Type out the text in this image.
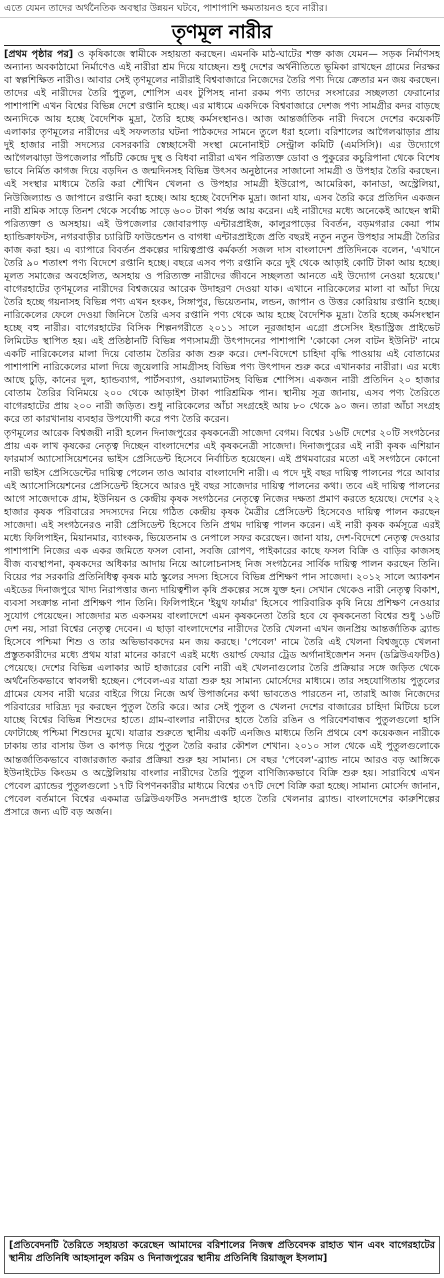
এতে যেমন তাদের অর্থনৈতিক অবস্থার উন্নয়ন ঘটবে, পাশাপাশি ক্ষমতায়নও হবে নারীর।
তৃণমূল নারীর

[প্রথম পৃষ্ঠার পর] ও কৃষিকাজে স্বামীকে সহায়তা করছেন। এমনকি মাঠ-ঘাটের শক্ত কাজ যেমন— সড়ক নির্মাণসহ অন্যান্য অবকাঠামো নির্মাণেও এই নারীরা শ্রম দিয়ে যাচ্ছেন। শুধু দেশের অর্থনীতিতে ভূমিকা রাখছেন গ্রামের নিরক্ষর বা স্বল্পশিক্ষিত নারীও। আবার সেই তৃণমূলের নারীরাই বিশ্ববাজারে নিজেদের তৈরি পণ্য দিয়ে ক্রেতার মন জয় করছেন। তাদের এই নারীদের তৈরি পুতুল, শোপিস এবং টুপিসহ নানা রকম পণ্য তাদের সংসারের সচ্ছলতা ফেরানোর পাশাপাশি এখন বিশ্বের বিভিন্ন দেশে রপ্তানি হচ্ছে। এর মাধ্যমে একদিকে বিশ্ববাজারে দেশজ পণ্য সামগ্রীর কদর বাড়ছে অন্যদিকে আয় হচ্ছে বৈদেশিক মুদ্রা, তৈরি হচ্ছে কর্মসংস্থানও। আজ আন্তর্জাতিক নারী দিবসে দেশের কয়েকটি এলাকার তৃণমূলের নারীদের এই সফলতার ঘটনা পাঠকদের সামনে তুলে ধরা হলো। বরিশালের আগৈলঝাড়ার প্রায় দুই হাজার নারী সদস্যের বেসরকারি স্বেচ্ছাসেবী সংস্থা মেনোনাইট সেন্ট্রাল কমিটি (এমসিসি)। এর উদ্যোগে আগৈলঝাড়া উপজেলার পাঁচটি কেন্দ্রে দুস্থ ও বিধবা নারীরা এখন পরিত্যক্ত ডোবা ও পুকুরের কচুরিপানা থেকে বিশেষ ভাবে নির্মিত কাগজ দিয়ে বড়দিন ও জন্মদিনসহ বিভিন্ন উৎসব অনুষ্ঠানের সাজানো সামগ্রী ও উপহার তৈরি করছেন। এই সংস্থার মাধ্যমে তৈরি করা শৌখিন খেলনা ও উপহার সামগ্রী ইউরোপ, আমেরিকা, কানাডা, অস্ট্রেলিয়া, নিউজিল্যান্ড ও জাপানে রপ্তানি করা হচ্ছে। আয় হচ্ছে বৈদেশিক মুদ্রা। জানা যায়, এসব তৈরি করে প্রতিদিন একজন নারী শ্রমিক সাড়ে তিনশ থেকে সর্বোচ্চ সাড়ে ৬০০ টাকা পর্যন্ত আয় করেন। এই নারীদের মধ্যে অনেকেই আছেন স্বামী পরিত্যক্তা ও অসহায়। এই উপজেলার জোবারপাড় এন্টারপ্রাইজ, কালুরপাড়ের বিবর্তন, বড়মগরার কেয়া পাম হ্যান্ডিক্রাফটস, নগরবাড়ীর চ্যারিটি ফাউন্ডেশন ও বাগধা এন্টারপ্রাইজে প্রতি বছরই নতুন নতুন উপহার সামগ্রী তৈরির কাজ করা হয়। এ ব্যাপারে বিবর্তন প্রকল্পের দায়িত্বপ্রাপ্ত কর্মকর্তা সজল দাস বাংলাদেশ প্রতিদিনকে বলেন, 'এখানে তৈরি ৯০ শতাংশ পণ্য বিদেশে রপ্তানি হচ্ছে। বছরে এসব পণ্য রপ্তানি করে দুই থেকে আড়াই কোটি টাকা আয় হচ্ছে। মূলত সমাজের অবহেলিত, অসহায় ও পরিত্যক্ত নারীদের জীবনে সচ্ছলতা আনতে এই উদ্যোগ নেওয়া হয়েছে।' বাগেরহাটের তৃণমূলের নারীদের বিশ্বজয়ের আরেক উদাহরণ দেওয়া যাক। এখানে নারিকেলের মালা বা আঁচা দিয়ে তৈরি হচ্ছে গয়নাসহ বিভিন্ন পণ্য এখন হংকং, সিঙ্গাপুর, ভিয়েতনাম, লন্ডন, জাপান ও উত্তর কোরিয়ায় রপ্তানি হচ্ছে। নারিকেলের ফেলে দেওয়া জিনিসে তৈরি এসব রপ্তানি পণ্য থেকে আয় হচ্ছে বৈদেশিক মুদ্রা। তৈরি হচ্ছে কর্মসংস্থান হচ্ছে বহু নারীর। বাগেরহাটের বিসিক শিল্পনগরীতে ২০১১ সালে নূরজাহান এগ্রো প্রসেসিং ইন্ডাস্ট্রিজ প্রাইভেট লিমিটেড স্থাপিত হয়। এই প্রতিষ্ঠানটি বিভিন্ন পণ্যসামগ্রী উৎপাদনের পাশাপাশি 'কোকো সেল বাটন ইউনিট' নামে একটি নারিকেলের মালা দিয়ে বোতাম তৈরির কাজ শুরু করে। দেশ-বিদেশে চাহিদা বৃদ্ধি পাওয়ায় এই বোতামের পাশাপাশি নারিকেলের মালা দিয়ে জুয়েলারি সামগ্রীসহ বিভিন্ন পণ্য উৎপাদন শুরু করে এখানকার নারীরা। এর মধ্যে আছে চুড়ি, কানের দুল, হ্যান্ডব্যাগ, পার্টসব্যাগ, ওয়ালম্যাটসহ বিভিন্ন শোপিস। একজন নারী প্রতিদিন ২০ হাজার বোতাম তৈরির বিনিময়ে ২০০ থেকে আড়াইশ টাকা পারিশ্রমিক পান। স্থানীয় সূত্র জানায়, এসব পণ্য তৈরিতে বাগেরহাটের প্রায় ২০০ নারী জড়িত। শুধু নারিকেলের আঁচা সংগ্রহেই আয় ৮০ থেকে ৯০ জন। তারা আঁচা সংগ্রহ করে তা কারখানায় ব্যবহার উপযোগী করে পণ্য তৈরি করেন।

তৃণমূলের আরেক বিশ্বজয়ী নারী হলেন দিনাজপুরের কৃষকনেত্রী সাজেদা বেগম। বিশ্বের ১৬টি দেশের ২০টি সংগঠনের প্রায় এক লাখ কৃষকের নেতৃত্ব দিচ্ছেন বাংলাদেশের এই কৃষকনেত্রী সাজেদা। দিনাজপুরের এই নারী কৃষক এশিয়ান ফারমার্স অ্যাসোসিয়েশনের ভাইস প্রেসিডেন্ট হিসেবে নির্বাচিত হয়েছেন। এই প্রথমবারের মতো এই সংগঠনে কোনো নারী ভাইস প্রেসিডেন্টের দায়িত্ব পেলেন তাও আবার বাংলাদেশি নারী। এ পদে দুই বছর দায়িত্ব পালনের পরে আবার এই অ্যাসোসিয়েশনের প্রেসিডেন্ট হিসেবে আরও দুই বছর সাজেদার দায়িত্ব পালনের কথা। তবে এই দায়িত্ব পালনের আগে সাজেদাকে গ্রাম, ইউনিয়ন ও কেন্দ্রীয় কৃষক সংগঠনের নেতৃত্বে নিজের দক্ষতা প্রমাণ করতে হয়েছে। দেশের ২২ হাজার কৃষক পরিবারের সদস্যদের নিয়ে গঠিত কেন্দ্রীয় কৃষক মৈত্রীর প্রেসিডেন্ট হিসেবেও দায়িত্ব পালন করছেন সাজেদা। এই সংগঠনেরও নারী প্রেসিডেন্ট হিসেবে তিনি প্রথম দায়িত্ব পালন করেন। এই নারী কৃষক কর্মসূত্রে এরই মধ্যে ফিলিপাইন, মিয়ানমার, ব্যাংকক, ভিয়েতনাম ও নেপালে সফর করেছেন। জানা যায়, দেশ-বিদেশে নেতৃত্ব দেওয়ার পাশাপাশি নিজের এক একর জমিতে ফসল বোনা, সবজি রোপণ, পাইকারের কাছে ফসল বিক্রি ও বাড়ির কাজসহ বীজ ব্যবস্থাপনা, কৃষকদের অধিকার আদায় নিয়ে আলোচনাসহ নিজ সংগঠনের সার্বিক দায়িত্ব পালন করছেন তিনি। বিয়ের পর সরকারি প্রতিনিধিত্ব কৃষক মাঠ স্কুলের সদস্য হিসেবে বিভিন্ন প্রশিক্ষণ পান সাজেদা। ২০১২ সালে অ্যাকশন এইডের দিনাজপুরে খাদ্য নিরাপত্তার জন্য দায়িত্বশীল কৃষি প্রকল্পের সঙ্গে যুক্ত হন। সেখান থেকেও নারী নেতৃত্ব বিকাশ, ব্যবসা সংক্রান্ত নানা প্রশিক্ষণ পান তিনি। ফিলিপাইনে 'ইয়ুথ ফার্মার' হিসেবে পারিবারিক কৃষি নিয়ে প্রশিক্ষণ নেওয়ার সুযোগ পেয়েছেন। সাজেদার মত একসময় বাংলাদেশে এমন কৃষকনেতা তৈরি হবে যে কৃষকনেতা বিশ্বের শুধু ১৬টি দেশ নয়, সারা বিশ্বের নেতৃত্ব দেবেন। এ ছাড়া বাংলাদেশের নারীদের তৈরি খেলনা এখন জনপ্রিয় আন্তর্জাতিক ব্র্যান্ড হিসেবে পশ্চিমা শিশু ও তার অভিভাবকদের মন জয় করছে। 'পেবেল' নামে তৈরি এই খেলনা বিশ্বজুড়ে খেলনা প্রস্তুতকারীদের মধ্যে প্রথম যারা মানের কারণে এরই মধ্যে ওয়ার্ল্ড ফেয়ার ট্রেড অর্গানাইজেশন সনদ (ডব্লিউএফটিও) পেয়েছে। দেশের বিভিন্ন এলাকার আট হাজারের বেশি নারী এই খেলনাগুলোর তৈরি প্রক্রিয়ার সঙ্গে জড়িত থেকে অর্থনৈতিকভাবে স্বাবলম্বী হচ্ছেন। পেবেল-এর যাত্রা শুরু হয় সামান্য মোর্সেদের মাধ্যমে। তার সহযোগিতায় পুতুলের গ্রামের যেসব নারী ঘরের বাইরে গিয়ে নিজে অর্থ উপার্জনের কথা ভাবতেও পারতেন না, তারাই আজ নিজেদের পরিবারের দারিদ্র্য দূর করছেন পুতুল তৈরি করে। আর সেই পুতুল ও খেলনা দেশের বাজারের চাহিদা মিটিয়ে চলে যাচ্ছে বিশ্বের বিভিন্ন শিশুদের হাতে। গ্রাম-বাংলার নারীদের হাতে তৈরি রঙিন ও পরিবেশবান্ধব পুতুলগুলো হাসি ফোটাচ্ছে পশ্চিমা শিশুদের মুখে। যাত্রার শুরুতে স্থানীয় একটি এনজিও মাধ্যমে তিনি প্রথমে বেশ কয়েকজন নারীকে ঢাকায় তার বাসায় উল ও কাপড় দিয়ে পুতুল তৈরি করার কৌশল শেখান। ২০১০ সাল থেকে এই পুতুলগুলোকে আন্তর্জাতিকভাবে বাজারজাত করার প্রক্রিয়া শুরু হয় সামান্য। সে বছর 'পেবেল'-ব্র্যান্ড নামে আরও বড় আঙ্গিকে ইউনাইটেড কিংডম ও অস্ট্রেলিয়ায় বাংলার নারীদের তৈরি পুতুল বাণিজ্যিকভাবে বিক্রি শুরু হয়। সারাবিশ্বে এখন পেবেল ব্র্যান্ডের পুতুলগুলো ১৭টি বিপণনকারীর মাধ্যমে বিশ্বের ৩৭টি দেশে বিক্রি করা হচ্ছে। সামান্য মোর্সেদ জানান, পেবেল বর্তমানে বিশ্বের একমাত্র ডব্লিউএফটিও সনদপ্রাপ্ত হাতে তৈরি খেলনার ব্র্যান্ড। বাংলাদেশের কারুশিল্পের প্রসারে জন্য এটি বড় অর্জন।

[প্রতিবেদনটি তৈরিতে সহায়তা করেছেন আমাদের বরিশালের নিজস্ব প্রতিবেদক রাহাত খান এবং বাগেরহাটের স্থানীয় প্রতিনিধি আহসানুল করিম ও দিনাজপুরের স্থানীয় প্রতিনিধি রিয়াজুল ইসলাম]
